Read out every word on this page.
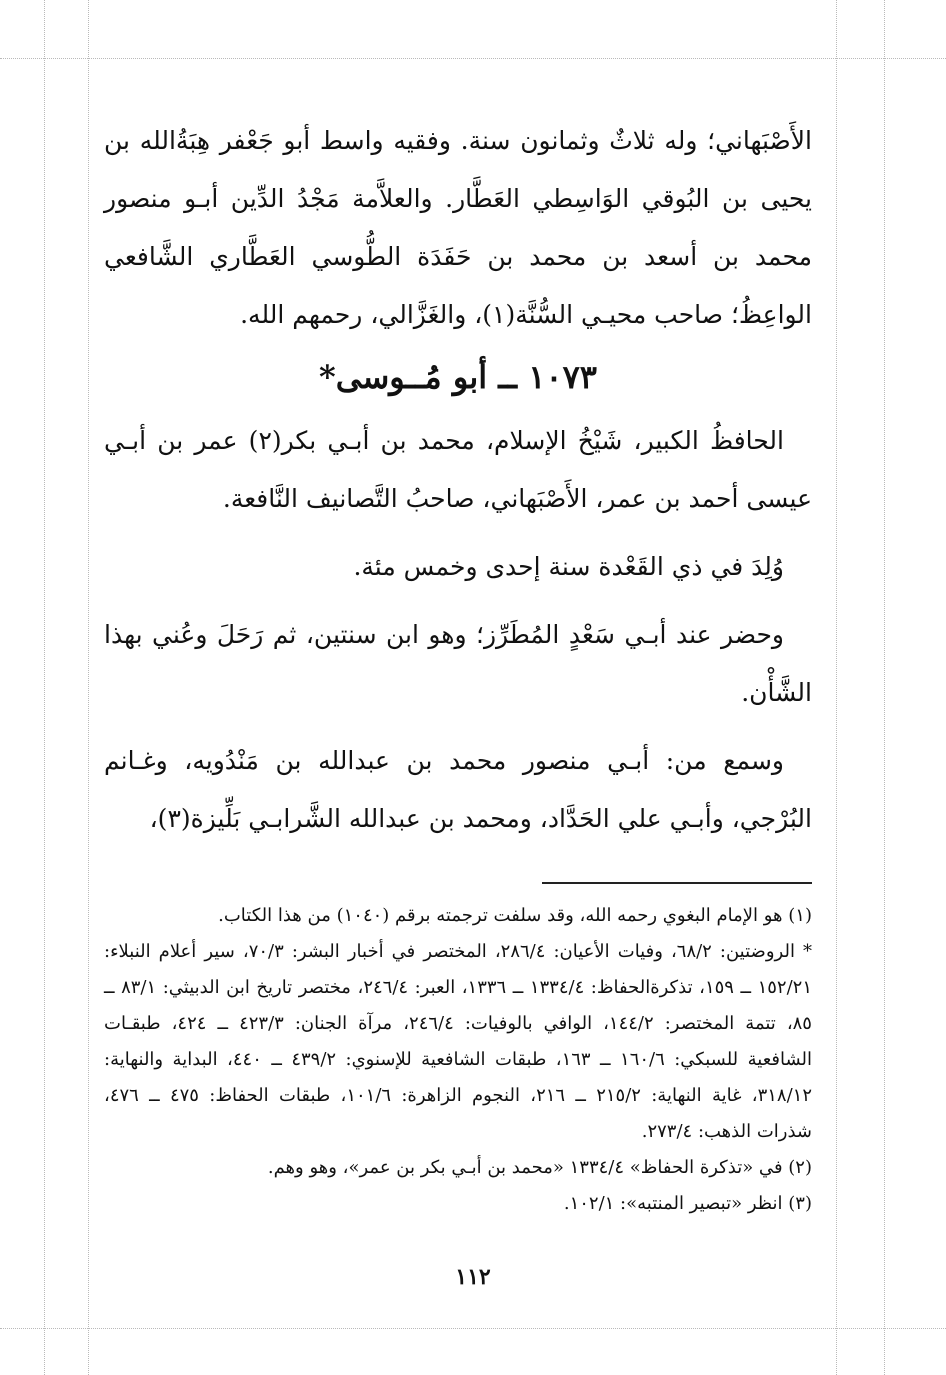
الأَصْبَهاني؛ وله ثلاثٌ وثمانون سنة. وفقيه واسط أبو جَعْفر هِبَةُالله بن يحيى بن البُوقي الوَاسِطي العَطَّار. والعلاَّمة مَجْدُ الدِّين أبـو منصور محمد بن أسعد بن محمد بن حَفَدَة الطُّوسي العَطَّاري الشَّافعي الواعِظُ؛ صاحب محيـي السُّنَّة(١)، والغَزَّالي، رحمهم الله.

١٠٧٣ ــ أبو مُــوسى*

الحافظُ الكبير، شَيْخُ الإسلام، محمد بن أبـي بكر(٢) عمر بن أبـي عيسى أحمد بن عمر، الأَصْبَهاني، صاحبُ التَّصانيف النَّافعة.

وُلِدَ في ذي القَعْدة سنة إحدى وخمس مئة.

وحضر عند أبـي سَعْدٍ المُطَرِّز؛ وهو ابن سنتين، ثم رَحَلَ وعُني بهذا الشَّأْن.

وسمع من: أبـي منصور محمد بن عبدالله بن مَنْدُويه، وغـانم البُرْجي، وأبـي علي الحَدَّاد، ومحمد بن عبدالله الشَّرابـي بَلِّيزة(٣)،

(١) هو الإمام البغوي رحمه الله، وقد سلفت ترجمته برقم (١٠٤٠) من هذا الكتاب.

* الروضتين: ٦٨/٢، وفيات الأعيان: ٢٨٦/٤، المختصر في أخبار البشر: ٧٠/٣، سير أعلام النبلاء: ١٥٢/٢١ ــ ١٥٩، تذكرةالحفاظ: ١٣٣٤/٤ ــ ١٣٣٦، العبر: ٢٤٦/٤، مختصر تاريخ ابن الدبيثي: ٨٣/١ ــ ٨٥، تتمة المختصر: ١٤٤/٢، الوافي بالوفيات: ٢٤٦/٤، مرآة الجنان: ٤٢٣/٣ ــ ٤٢٤، طبقـات الشافعية للسبكي: ١٦٠/٦ ــ ١٦٣، طبقات الشافعية للإسنوي: ٤٣٩/٢ ــ ٤٤٠، البداية والنهاية: ٣١٨/١٢، غاية النهاية: ٢١٥/٢ ــ ٢١٦، النجوم الزاهرة: ١٠١/٦، طبقات الحفاظ: ٤٧٥ ــ ٤٧٦، شذرات الذهب: ٢٧٣/٤.

(٢) في «تذكرة الحفاظ» ١٣٣٤/٤ «محمد بن أبـي بكر بن عمر»، وهو وهم.

(٣) انظر «تبصير المنتبه»: ١٠٢/١.

١١٢
